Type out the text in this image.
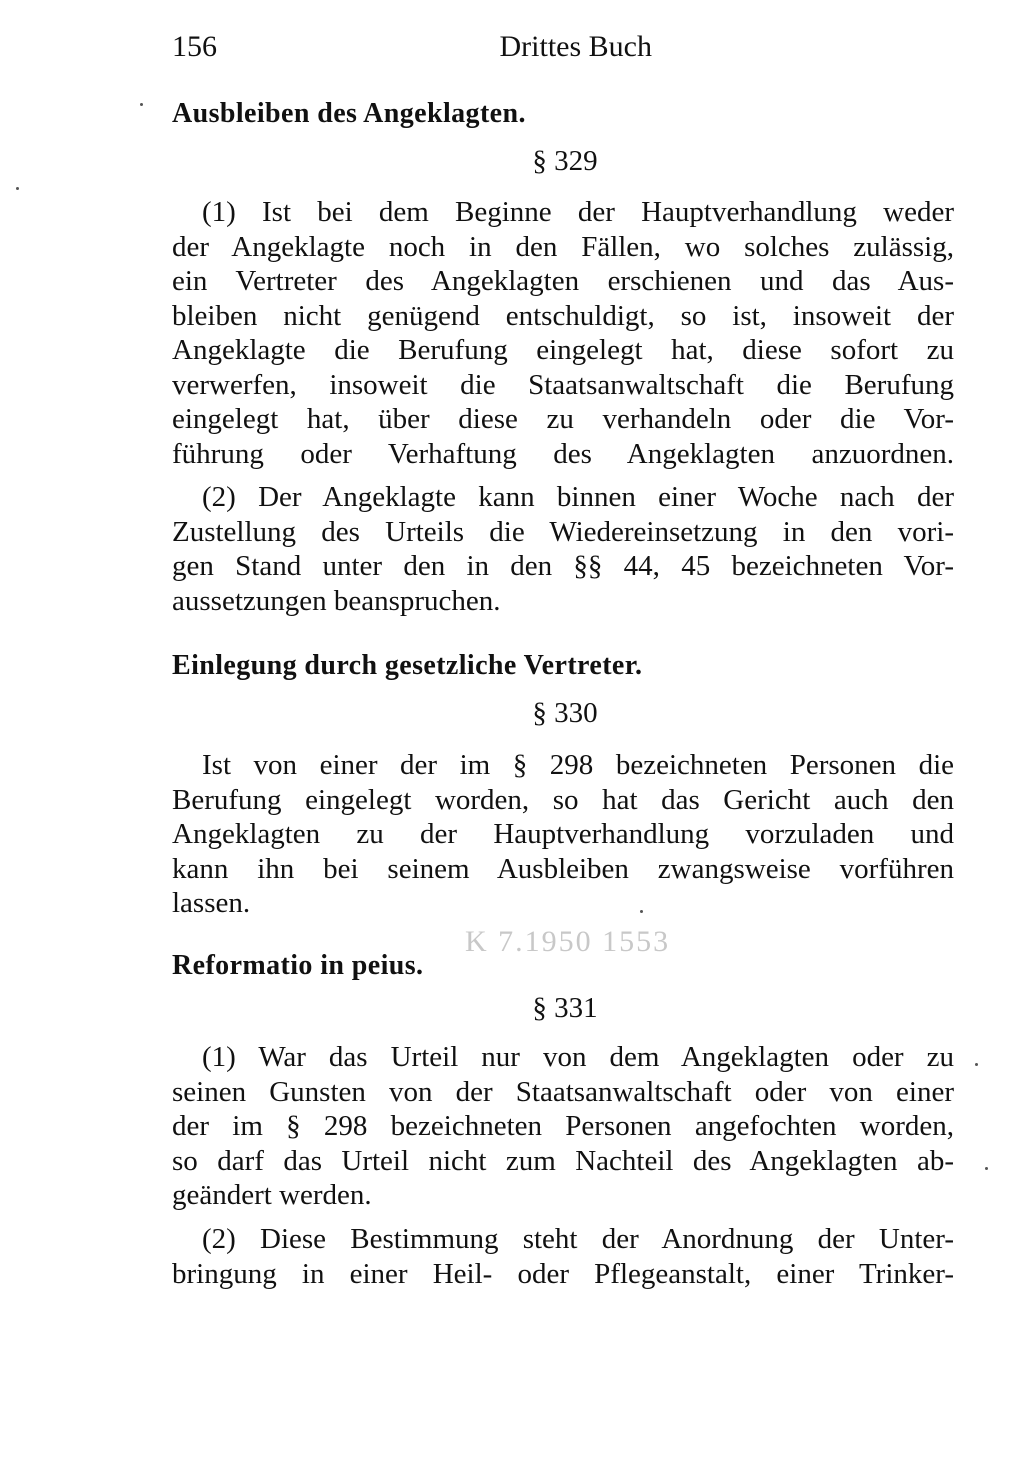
156	Drittes Buch
Ausbleiben des Angeklagten.
§ 329
(1) Ist bei dem Beginne der Hauptverhandlung weder
der Angeklagte noch in den Fällen, wo solches zulässig,
ein Vertreter des Angeklagten erschienen und das Aus-
bleiben nicht genügend entschuldigt, so ist, insoweit der
Angeklagte die Berufung eingelegt hat, diese sofort zu
verwerfen, insoweit die Staatsanwaltschaft die Berufung
eingelegt hat, über diese zu verhandeln oder die Vor-
führung oder Verhaftung des Angeklagten anzuordnen.
(2) Der Angeklagte kann binnen einer Woche nach der
Zustellung des Urteils die Wiedereinsetzung in den vori-
gen Stand unter den in den §§ 44, 45 bezeichneten Vor-
aussetzungen beanspruchen.
Einlegung durch gesetzliche Vertreter.
§ 330
Ist von einer der im § 298 bezeichneten Personen die
Berufung eingelegt worden, so hat das Gericht auch den
Angeklagten zu der Hauptverhandlung vorzuladen und
kann ihn bei seinem Ausbleiben zwangsweise vorführen
lassen.
K 7.1950 1553
Reformatio in peius.
§ 331
(1) War das Urteil nur von dem Angeklagten oder zu
seinen Gunsten von der Staatsanwaltschaft oder von einer
der im § 298 bezeichneten Personen angefochten worden,
so darf das Urteil nicht zum Nachteil des Angeklagten ab-
geändert werden.
(2) Diese Bestimmung steht der Anordnung der Unter-
bringung in einer Heil- oder Pflegeanstalt, einer Trinker-
